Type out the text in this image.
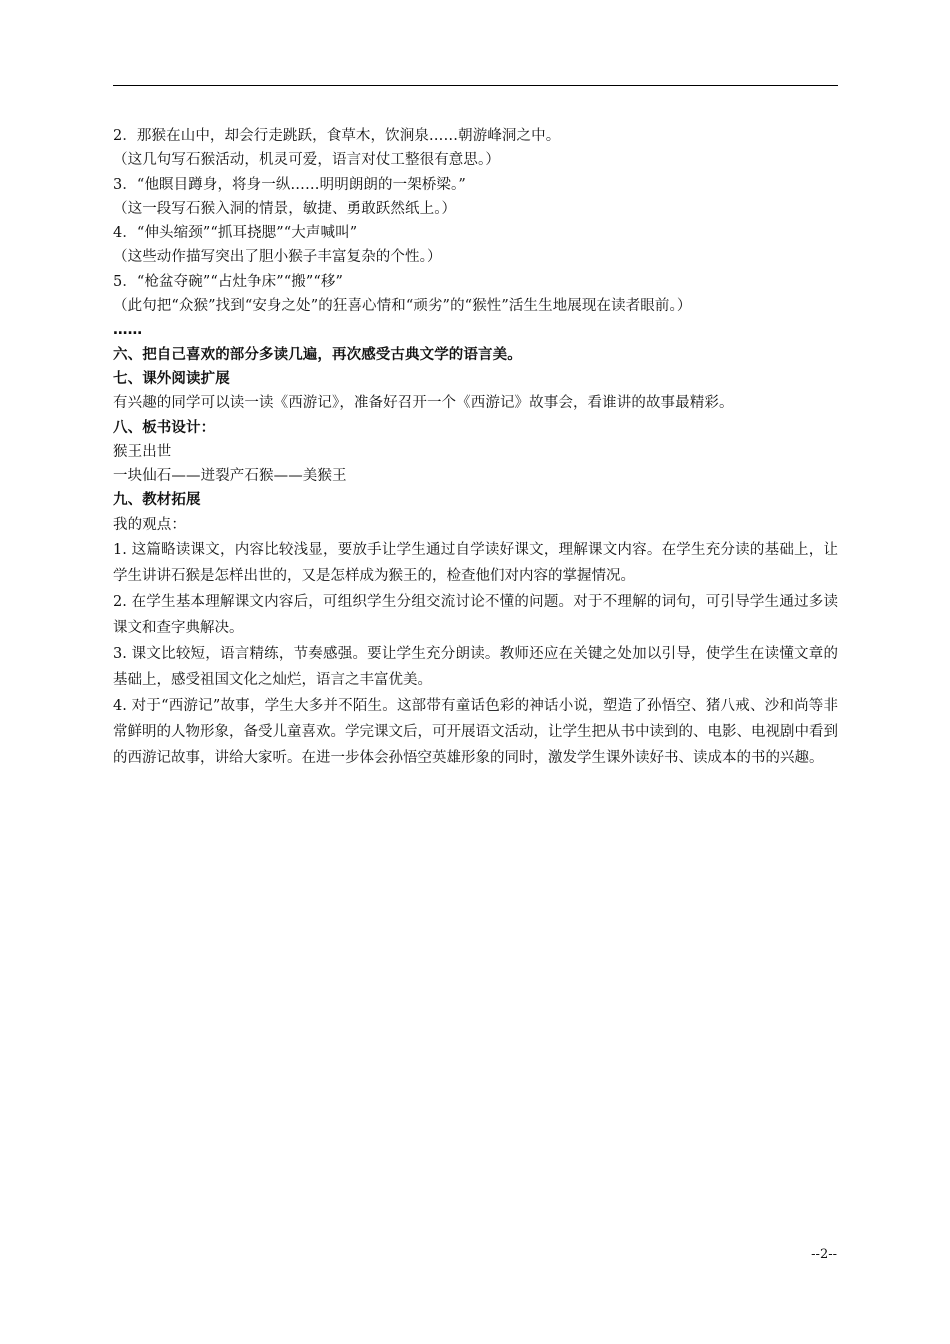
2．那猴在山中，却会行走跳跃，食草木，饮涧泉……朝游峰洞之中。
（这几句写石猴活动，机灵可爱，语言对仗工整很有意思。）
3．“他瞑目蹲身，将身一纵……明明朗朗的一架桥梁。”
（这一段写石猴入洞的情景，敏捷、勇敢跃然纸上。）
4．“伸头缩颈”“抓耳挠腮”“大声喊叫”
（这些动作描写突出了胆小猴子丰富复杂的个性。）
5．“枪盆夺碗”“占灶争床”“搬”“移”
（此句把“众猴”找到“安身之处”的狂喜心情和“顽劣”的“猴性”活生生地展现在读者眼前。）
……
六、把自己喜欢的部分多读几遍，再次感受古典文学的语言美。
七、课外阅读扩展
有兴趣的同学可以读一读《西游记》，准备好召开一个《西游记》故事会，看谁讲的故事最精彩。
八、板书设计：
猴王出世
一块仙石——迸裂产石猴——美猴王
九、教材拓展
我的观点：
1. 这篇略读课文，内容比较浅显，要放手让学生通过自学读好课文，理解课文内容。在学生充分读的基础上，让学生讲讲石猴是怎样出世的，又是怎样成为猴王的，检查他们对内容的掌握情况。
2. 在学生基本理解课文内容后，可组织学生分组交流讨论不懂的问题。对于不理解的词句，可引导学生通过多读课文和查字典解决。
3. 课文比较短，语言精练，节奏感强。要让学生充分朗读。教师还应在关键之处加以引导，使学生在读懂文章的基础上，感受祖国文化之灿烂，语言之丰富优美。
4. 对于“西游记”故事，学生大多并不陌生。这部带有童话色彩的神话小说，塑造了孙悟空、猪八戒、沙和尚等非常鲜明的人物形象，备受儿童喜欢。学完课文后，可开展语文活动，让学生把从书中读到的、电影、电视剧中看到的西游记故事，讲给大家听。在进一步体会孙悟空英雄形象的同时，激发学生课外读好书、读成本的书的兴趣。
--2--
